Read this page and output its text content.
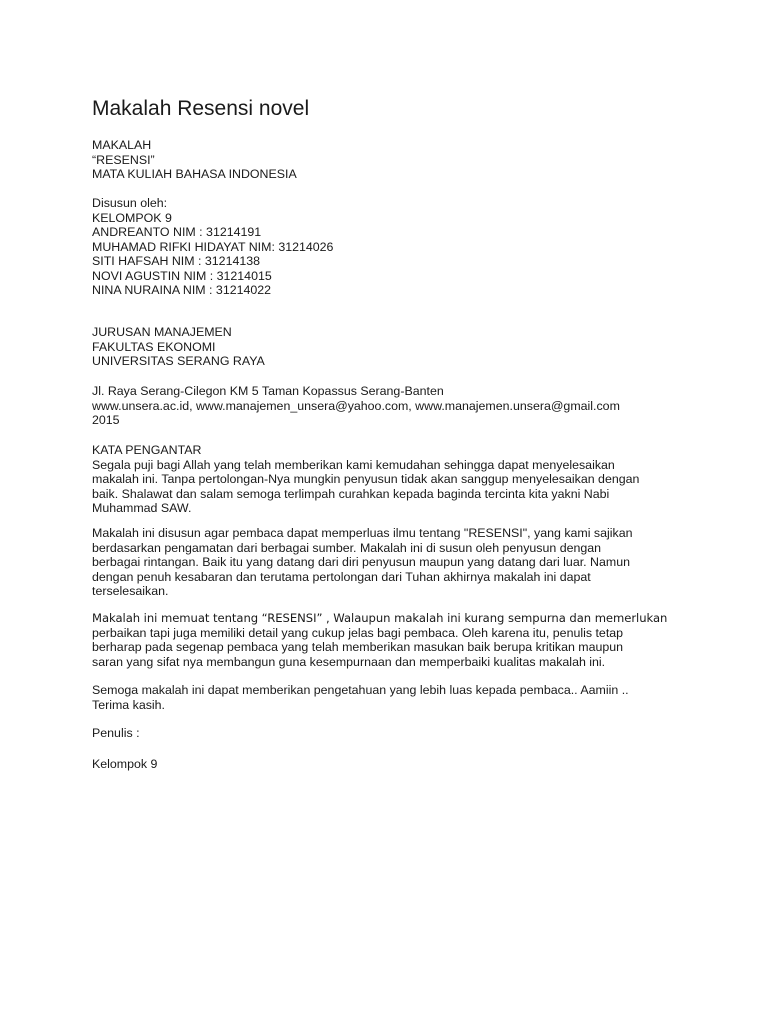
Makalah Resensi novel
MAKALAH
“RESENSI”
MATA KULIAH BAHASA INDONESIA
Disusun oleh:
KELOMPOK 9
ANDREANTO NIM : 31214191
MUHAMAD RIFKI HIDAYAT NIM: 31214026
SITI HAFSAH NIM : 31214138
NOVI AGUSTIN NIM : 31214015
NINA NURAINA NIM : 31214022
JURUSAN MANAJEMEN
FAKULTAS EKONOMI
UNIVERSITAS SERANG RAYA
Jl. Raya Serang-Cilegon KM 5 Taman Kopassus Serang-Banten
www.unsera.ac.id, www.manajemen_unsera@yahoo.com, www.manajemen.unsera@gmail.com
2015
KATA PENGANTAR
Segala puji bagi Allah yang telah memberikan kami kemudahan sehingga dapat menyelesaikan
makalah ini. Tanpa pertolongan-Nya mungkin penyusun tidak akan sanggup menyelesaikan dengan
baik. Shalawat dan salam semoga terlimpah curahkan kepada baginda tercinta kita yakni Nabi
Muhammad SAW.
Makalah ini disusun agar pembaca dapat memperluas ilmu tentang "RESENSI", yang kami sajikan
berdasarkan pengamatan dari berbagai sumber. Makalah ini di susun oleh penyusun dengan
berbagai rintangan. Baik itu yang datang dari diri penyusun maupun yang datang dari luar. Namun
dengan penuh kesabaran dan terutama pertolongan dari Tuhan akhirnya makalah ini dapat
terselesaikan.
Makalah ini memuat tentang “RESENSI” , Walaupun makalah ini kurang sempurna dan memerlukan
perbaikan tapi juga memiliki detail yang cukup jelas bagi pembaca. Oleh karena itu, penulis tetap
berharap pada segenap pembaca yang telah memberikan masukan baik berupa kritikan maupun
saran yang sifat nya membangun guna kesempurnaan dan memperbaiki kualitas makalah ini.
Semoga makalah ini dapat memberikan pengetahuan yang lebih luas kepada pembaca.. Aamiin ..
Terima kasih.
Penulis :
Kelompok 9
